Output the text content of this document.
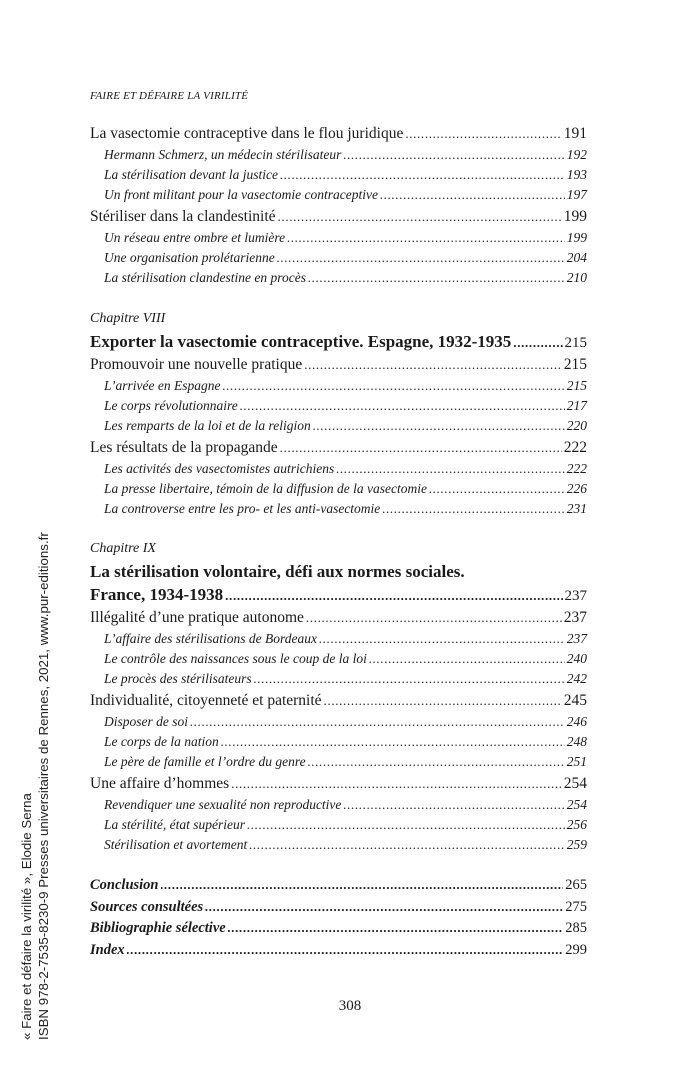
FAIRE ET DÉFAIRE LA VIRILITÉ
La vasectomie contraceptive dans le flou juridique . . .	191
Hermann Schmerz, un médecin stérilisateur . . .	192
La stérilisation devant la justice . . .	193
Un front militant pour la vasectomie contraceptive . . .	197
Stériliser dans la clandestinité . . .	199
Un réseau entre ombre et lumière . . .	199
Une organisation prolétarienne . . .	204
La stérilisation clandestine en procès . . .	210
Chapitre VIII
Exporter la vasectomie contraceptive. Espagne, 1932-1935 . . .	215
Promouvoir une nouvelle pratique . . .	215
L’arrivée en Espagne . . .	215
Le corps révolutionnaire . . .	217
Les remparts de la loi et de la religion . . .	220
Les résultats de la propagande . . .	222
Les activités des vasectomistes autrichiens . . .	222
La presse libertaire, témoin de la diffusion de la vasectomie . . .	226
La controverse entre les pro- et les anti-vasectomie . . .	231
Chapitre IX
La stérilisation volontaire, défi aux normes sociales.
France, 1934-1938 . . .	237
Illégalité d’une pratique autonome . . .	237
L’affaire des stérilisations de Bordeaux . . .	237
Le contrôle des naissances sous le coup de la loi . . .	240
Le procès des stérilisateurs . . .	242
Individualité, citoyenneté et paternité . . .	245
Disposer de soi . . .	246
Le corps de la nation . . .	248
Le père de famille et l’ordre du genre . . .	251
Une affaire d’hommes . . .	254
Revendiquer une sexualité non reproductive . . .	254
La stérilité, état supérieur . . .	256
Stérilisation et avortement . . .	259
Conclusion . . .	265
Sources consultées . . .	275
Bibliographie sélective . . .	285
Index . . .	299
308
« Faire et défaire la virilité », Elodie Serna ISBN 978-2-7535-8230-9 Presses universitaires de Rennes, 2021, www.pur-editions.fr
